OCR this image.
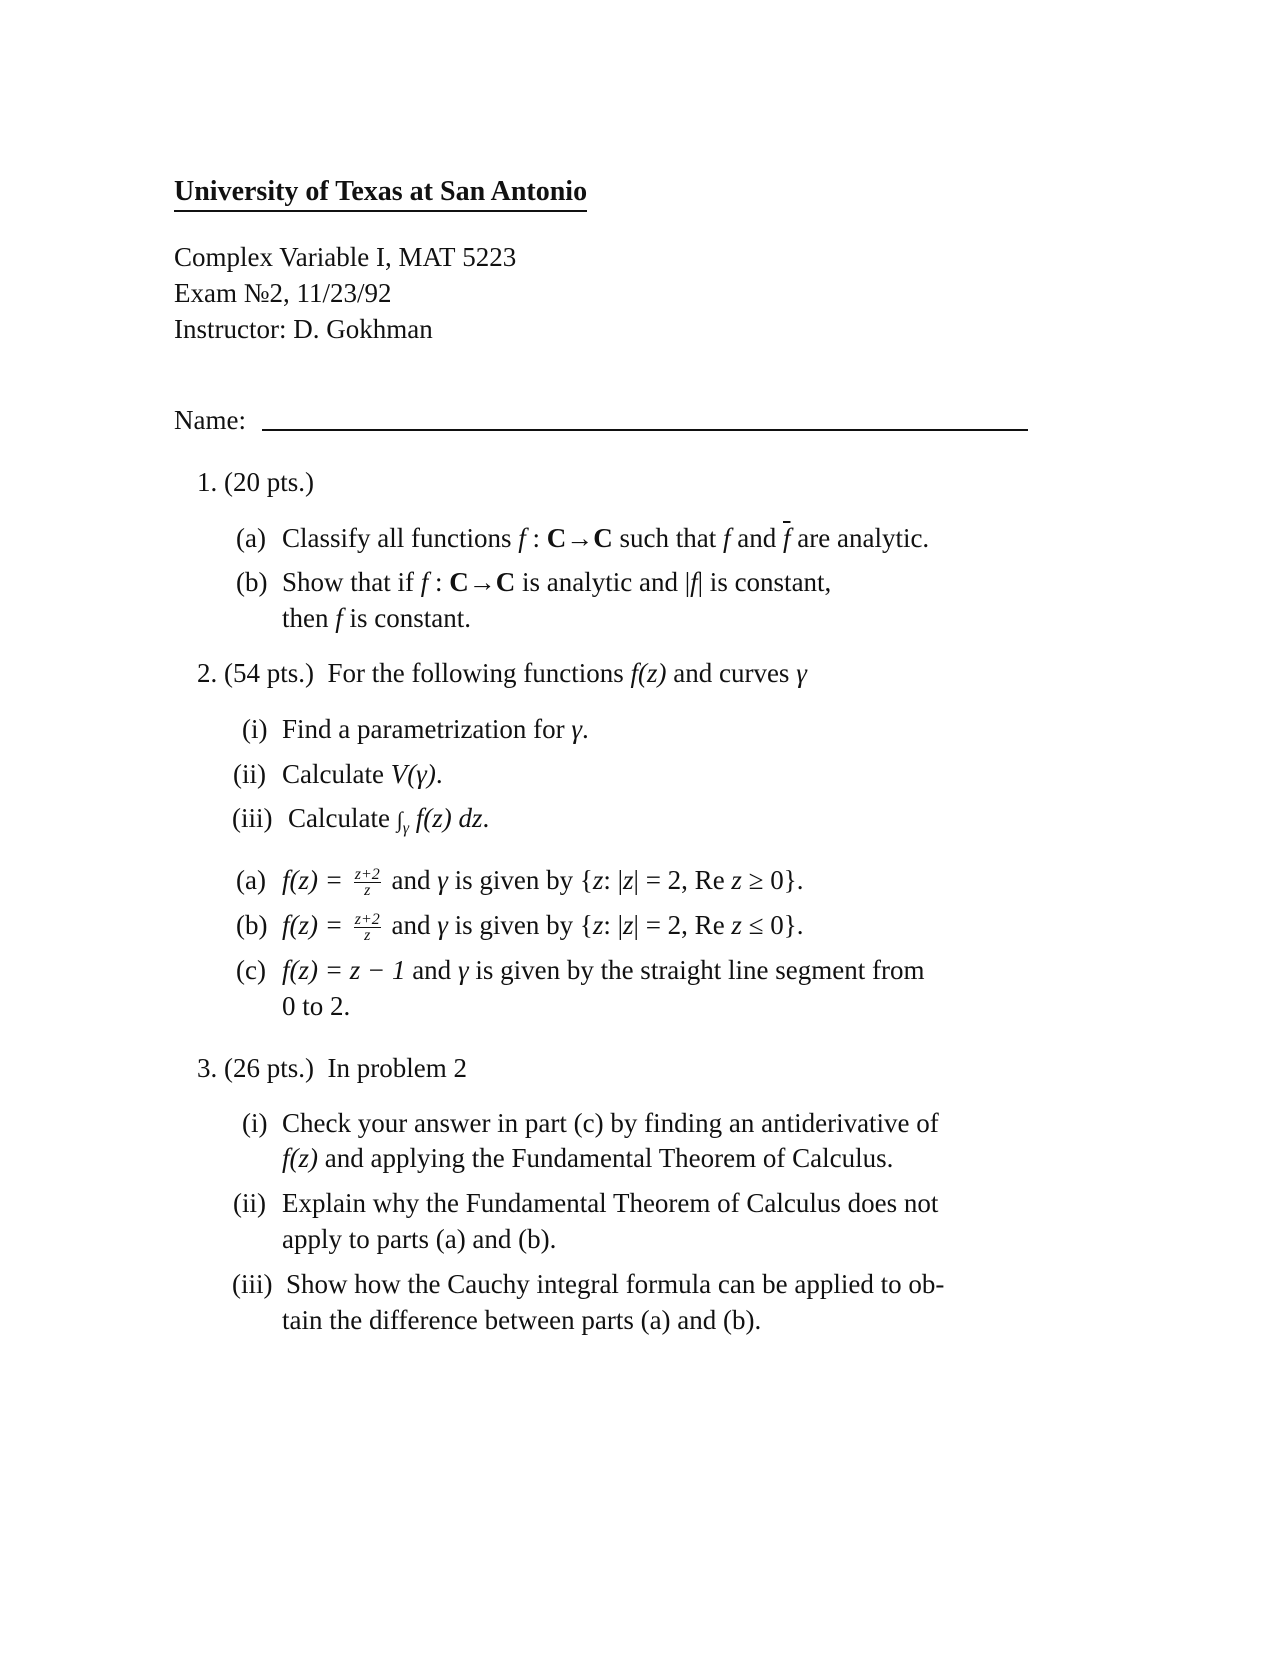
University of Texas at San Antonio
Complex Variable I, MAT 5223
Exam №2, 11/23/92
Instructor: D. Gokhman
Name:
1. (20 pts.)
(a) Classify all functions f : C→C such that f and $\overline{f}$ are analytic.
(b) Show that if f : C→C is analytic and |f| is constant,
then f is constant.
2. (54 pts.) For the following functions f(z) and curves γ
(i) Find a parametrization for γ.
(ii) Calculate V(γ).
(iii) Calculate $\int_\gamma$ f(z) dz.
(a) $f(z) = \frac{z+2}{z}$ and γ is given by {z: |z| = 2, Re z ≥ 0}.
(b) $f(z) = \frac{z+2}{z}$ and γ is given by {z: |z| = 2, Re z ≤ 0}.
(c) f(z) = z − 1 and γ is given by the straight line segment from
0 to 2.
3. (26 pts.) In problem 2
(i) Check your answer in part (c) by finding an antiderivative of
f(z) and applying the Fundamental Theorem of Calculus.
(ii) Explain why the Fundamental Theorem of Calculus does not
apply to parts (a) and (b).
(iii) Show how the Cauchy integral formula can be applied to ob-
tain the difference between parts (a) and (b).
